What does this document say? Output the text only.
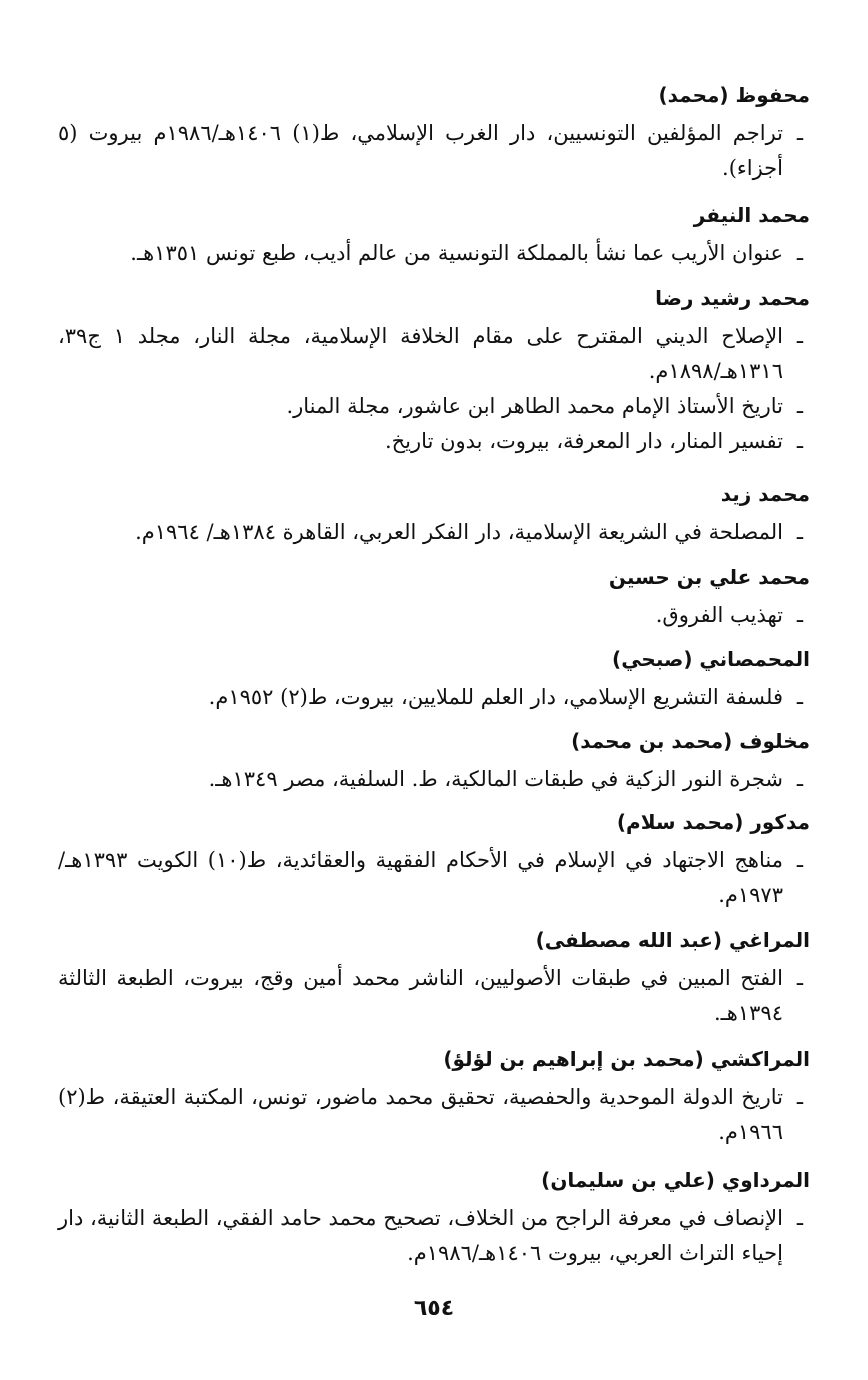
محفوظ (محمد)
ـ
تراجم المؤلفين التونسيين، دار الغرب الإسلامي، ط(١) ١٤٠٦هـ/١٩٨٦م بيروت (٥ أجزاء).
محمد النيفر
ـ
عنوان الأريب عما نشأ بالمملكة التونسية من عالم أديب، طبع تونس ١٣٥١هـ.
محمد رشيد رضا
ـ
الإصلاح الديني المقترح على مقام الخلافة الإسلامية، مجلة النار، مجلد ١ ج٣٩، ١٣١٦هـ/١٨٩٨م.
ـ
تاريخ الأستاذ الإمام محمد الطاهر ابن عاشور، مجلة المنار.
ـ
تفسير المنار، دار المعرفة، بيروت، بدون تاريخ.
محمد زيد
ـ
المصلحة في الشريعة الإسلامية، دار الفكر العربي، القاهرة ١٣٨٤هـ/ ١٩٦٤م.
محمد علي بن حسين
ـ
تهذيب الفروق.
المحمصاني (صبحي)
ـ
فلسفة التشريع الإسلامي، دار العلم للملايين، بيروت، ط(٢) ١٩٥٢م.
مخلوف (محمد بن محمد)
ـ
شجرة النور الزكية في طبقات المالكية، ط. السلفية، مصر ١٣٤٩هـ.
مدكور (محمد سلام)
ـ
مناهج الاجتهاد في الإسلام في الأحكام الفقهية والعقائدية، ط(١٠) الكويت ١٣٩٣هـ/ ١٩٧٣م.
المراغي (عبد الله مصطفى)
ـ
الفتح المبين في طبقات الأصوليين، الناشر محمد أمين وقج، بيروت، الطبعة الثالثة ١٣٩٤هـ.
المراكشي (محمد بن إبراهيم بن لؤلؤ)
ـ
تاريخ الدولة الموحدية والحفصية، تحقيق محمد ماضور، تونس، المكتبة العتيقة، ط(٢) ١٩٦٦م.
المرداوي (علي بن سليمان)
ـ
الإنصاف في معرفة الراجح من الخلاف، تصحيح محمد حامد الفقي، الطبعة الثانية، دار إحياء التراث العربي، بيروت ١٤٠٦هـ/١٩٨٦م.
٦٥٤
